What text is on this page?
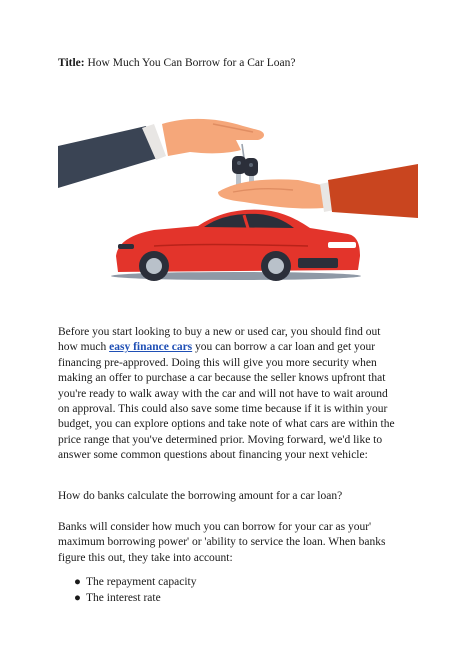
Title: How Much You Can Borrow for a Car Loan?
Before you start looking to buy a new or used car, you should find out
how much easy finance cars you can borrow a car loan and get your
financing pre-approved. Doing this will give you more security when
making an offer to purchase a car because the seller knows upfront that
you're ready to walk away with the car and will not have to wait around
on approval. This could also save some time because if it is within your
budget, you can explore options and take note of what cars are within the
price range that you've determined prior. Moving forward, we'd like to
answer some common questions about financing your next vehicle:
How do banks calculate the borrowing amount for a car loan?
Banks will consider how much you can borrow for your car as your'
maximum borrowing power' or 'ability to service the loan. When banks
figure this out, they take into account:
● The repayment capacity
● The interest rate
